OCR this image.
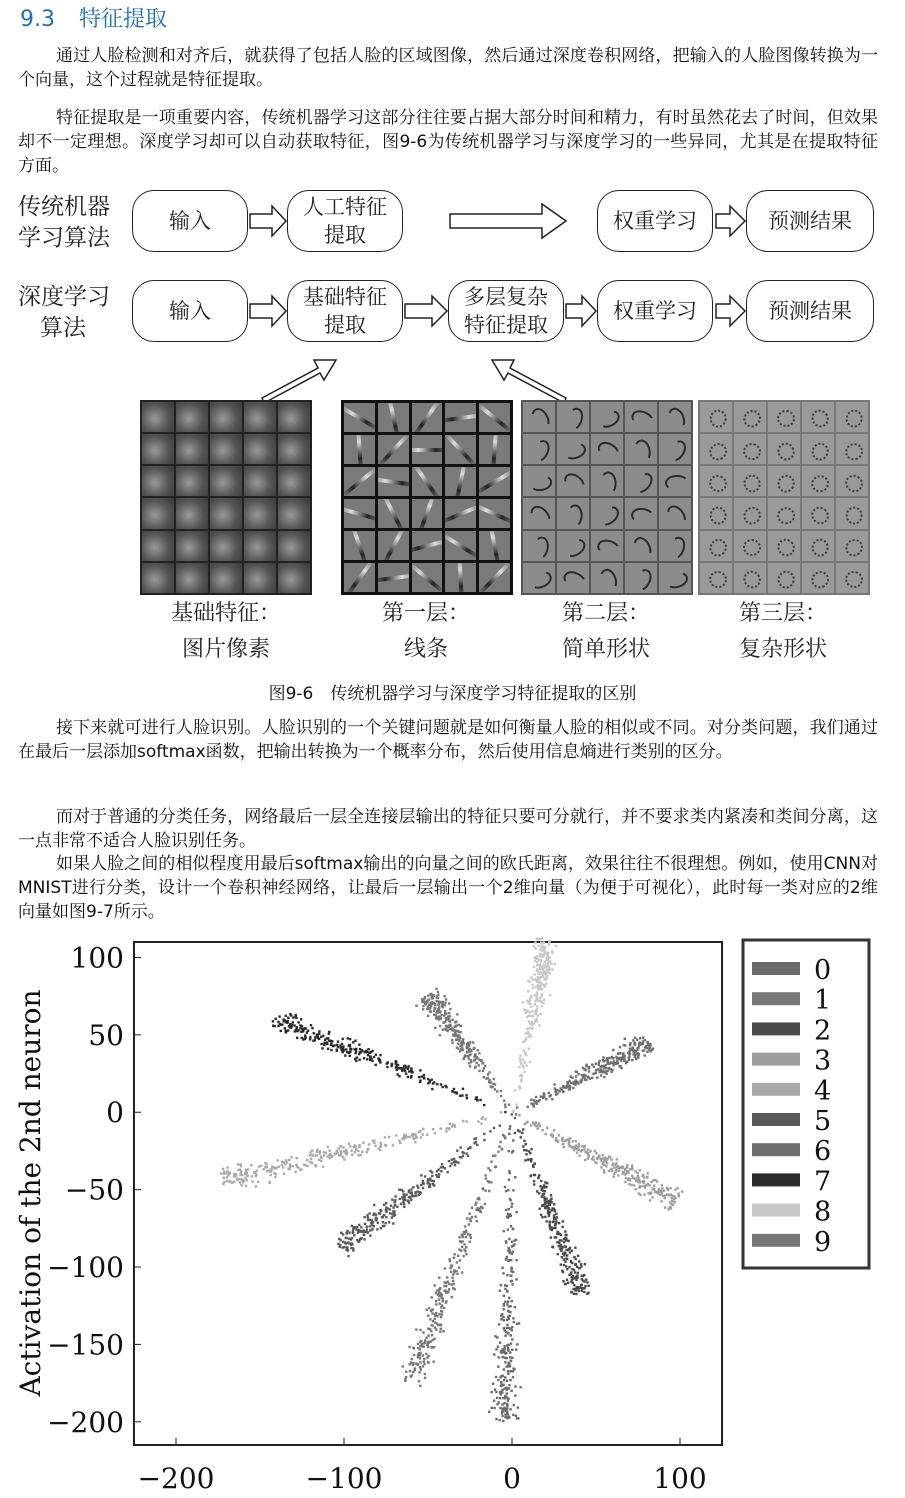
9.3 特征提取

通过人脸检测和对齐后，就获得了包括人脸的区域图像，然后通过深度卷积网络，把输入的人脸图像转换为一个向量，这个过程就是特征提取。

特征提取是一项重要内容，传统机器学习这部分往往要占据大部分时间和精力，有时虽然花去了时间，但效果却不一定理想。深度学习却可以自动获取特征，图9-6为传统机器学习与深度学习的一些异同，尤其是在提取特征方面。

传统机器
学习算法
输入
人工特征
提取
权重学习	预测结果
深度学习
算法
输入
基础特征
提取
多层复杂
特征提取
权重学习	预测结果
基础特征：
图片像素
第一层：
线条
第二层：
简单形状
第三层：
复杂形状
图9-6　传统机器学习与深度学习特征提取的区别

接下来就可进行人脸识别。人脸识别的一个关键问题就是如何衡量人脸的相似或不同。对分类问题，我们通过在最后一层添加softmax函数，把输出转换为一个概率分布，然后使用信息熵进行类别的区分。

而对于普通的分类任务，网络最后一层全连接层输出的特征只要可分就行，并不要求类内紧凑和类间分离，这一点非常不适合人脸识别任务。

如果人脸之间的相似程度用最后softmax输出的向量之间的欧氏距离，效果往往不很理想。例如，使用CNN对MNIST进行分类，设计一个卷积神经网络，让最后一层输出一个2维向量（为便于可视化），此时每一类对应的2维向量如图9-7所示。

100
50
0
−50
−100
−150
−200
−200	−100	0	100
Activation of the 2nd neuron
0
1
2
3
4
5
6
7
8
9
